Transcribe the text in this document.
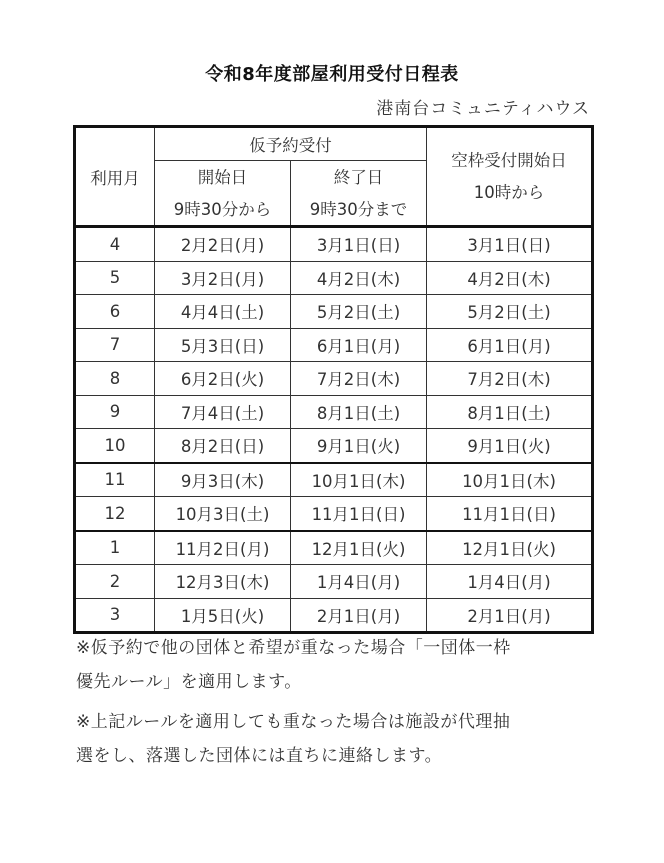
令和8年度部屋利用受付日程表
港南台コミュニティハウス
利用月	仮予約受付		空枠受付開始日
10時から

	開始日	終了日	
	9時30分から	9時30分まで	
4	2月2日(月)	3月1日(日)	3月1日(日)
5	3月2日(月)	4月2日(木)	4月2日(木)
6	4月4日(土)	5月2日(土)	5月2日(土)
7	5月3日(日)	6月1日(月)	6月1日(月)
8	6月2日(火)	7月2日(木)	7月2日(木)
9	7月4日(土)	8月1日(土)	8月1日(土)
10	8月2日(日)	9月1日(火)	9月1日(火)
11	9月3日(木)	10月1日(木)	10月1日(木)
12	10月3日(土)	11月1日(日)	11月1日(日)
1	11月2日(月)	12月1日(火)	12月1日(火)
2	12月3日(木)	1月4日(月)	1月4日(月)
3	1月5日(火)	2月1日(月)	2月1日(月)
※仮予約で他の団体と希望が重なった場合「一団体一枠
優先ルール」を適用します。
※上記ルールを適用しても重なった場合は施設が代理抽
選をし、落選した団体には直ちに連絡します。
